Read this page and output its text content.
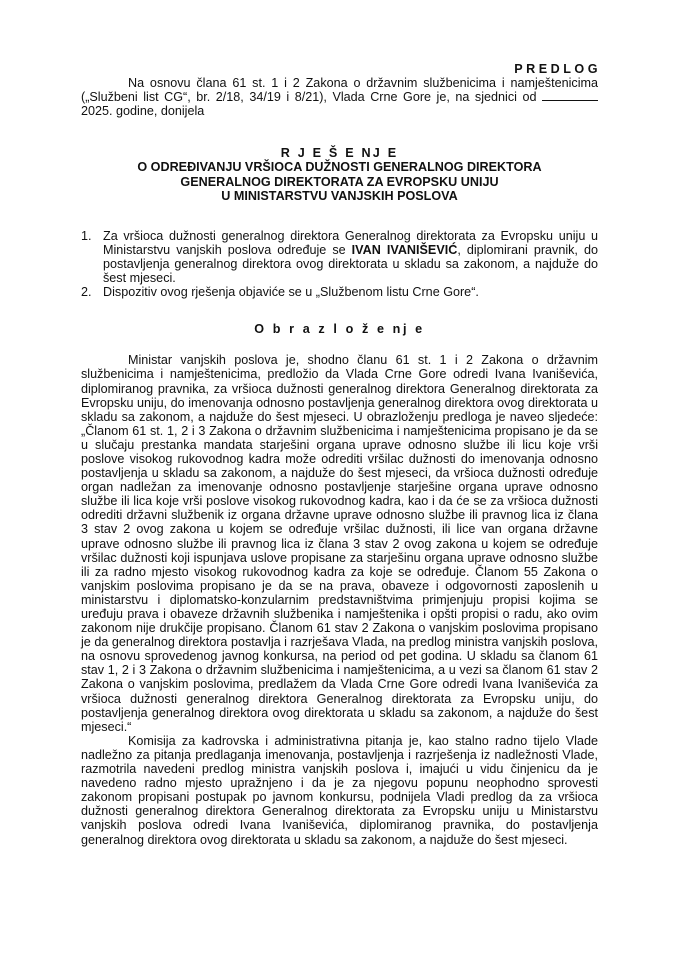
PREDLOG
Na osnovu člana 61 st. 1 i 2 Zakona o državnim službenicima i namještenicima („Službeni list CG“, br. 2/18, 34/19 i 8/21), Vlada Crne Gore je, na sjednici od  2025. godine, donijela
R J E Š E NJ E
O ODREĐIVANJU VRŠIOCA DUŽNOSTI GENERALNOG DIREKTORA
GENERALNOG DIREKTORATA ZA EVROPSKU UNIJU
U MINISTARSTVU VANJSKIH POSLOVA
1. Za vršioca dužnosti generalnog direktora Generalnog direktorata za Evropsku uniju u Ministarstvu vanjskih poslova određuje se IVAN IVANIŠEVIĆ, diplomirani pravnik, do postavljenja generalnog direktora ovog direktorata u skladu sa zakonom, a najduže do šest mjeseci.
2. Dispozitiv ovog rješenja objaviće se u „Službenom listu Crne Gore“.
O b r a z l o ž e nj e
Ministar vanjskih poslova je, shodno članu 61 st. 1 i 2 Zakona o državnim službenicima i namještenicima, predložio da Vlada Crne Gore odredi Ivana Ivaniševića, diplomiranog pravnika, za vršioca dužnosti generalnog direktora Generalnog direktorata za Evropsku uniju, do imenovanja odnosno postavljenja generalnog direktora ovog direktorata u skladu sa zakonom, a najduže do šest mjeseci. U obrazloženju predloga je naveo sljedeće: „Članom 61 st. 1, 2 i 3 Zakona o državnim službenicima i namještenicima propisano je da se u slučaju prestanka mandata starješini organa uprave odnosno službe ili licu koje vrši poslove visokog rukovodnog kadra može odrediti vršilac dužnosti do imenovanja odnosno postavljenja u skladu sa zakonom, a najduže do šest mjeseci, da vršioca dužnosti određuje organ nadležan za imenovanje odnosno postavljenje starješine organa uprave odnosno službe ili lica koje vrši poslove visokog rukovodnog kadra, kao i da će se za vršioca dužnosti odrediti državni službenik iz organa državne uprave odnosno službe ili pravnog lica iz člana 3 stav 2 ovog zakona u kojem se određuje vršilac dužnosti, ili lice van organa državne uprave odnosno službe ili pravnog lica iz člana 3 stav 2 ovog zakona u kojem se određuje vršilac dužnosti koji ispunjava uslove propisane za starješinu organa uprave odnosno službe ili za radno mjesto visokog rukovodnog kadra za koje se određuje. Članom 55 Zakona o vanjskim poslovima propisano je da se na prava, obaveze i odgovornosti zaposlenih u ministarstvu i diplomatsko-konzularnim predstavništvima primjenjuju propisi kojima se uređuju prava i obaveze državnih službenika i namještenika i opšti propisi o radu, ako ovim zakonom nije drukčije propisano. Članom 61 stav 2 Zakona o vanjskim poslovima propisano je da generalnog direktora postavlja i razrješava Vlada, na predlog ministra vanjskih poslova, na osnovu sprovedenog javnog konkursa, na period od pet godina. U skladu sa članom 61 stav 1, 2 i 3 Zakona o državnim službenicima i namještenicima, a u vezi sa članom 61 stav 2 Zakona o vanjskim poslovima, predlažem da Vlada Crne Gore odredi Ivana Ivaniševića za vršioca dužnosti generalnog direktora Generalnog direktorata za Evropsku uniju, do postavljenja generalnog direktora ovog direktorata u skladu sa zakonom, a najduže do šest mjeseci.“
Komisija za kadrovska i administrativna pitanja je, kao stalno radno tijelo Vlade nadležno za pitanja predlaganja imenovanja, postavljenja i razrješenja iz nadležnosti Vlade, razmotrila navedeni predlog ministra vanjskih poslova i, imajući u vidu činjenicu da je navedeno radno mjesto upražnjeno i da je za njegovu popunu neophodno sprovesti zakonom propisani postupak po javnom konkursu, podnijela Vladi predlog da za vršioca dužnosti generalnog direktora Generalnog direktorata za Evropsku uniju u Ministarstvu vanjskih poslova odredi Ivana Ivaniševića, diplomiranog pravnika, do postavljenja generalnog direktora ovog direktorata u skladu sa zakonom, a najduže do šest mjeseci.
